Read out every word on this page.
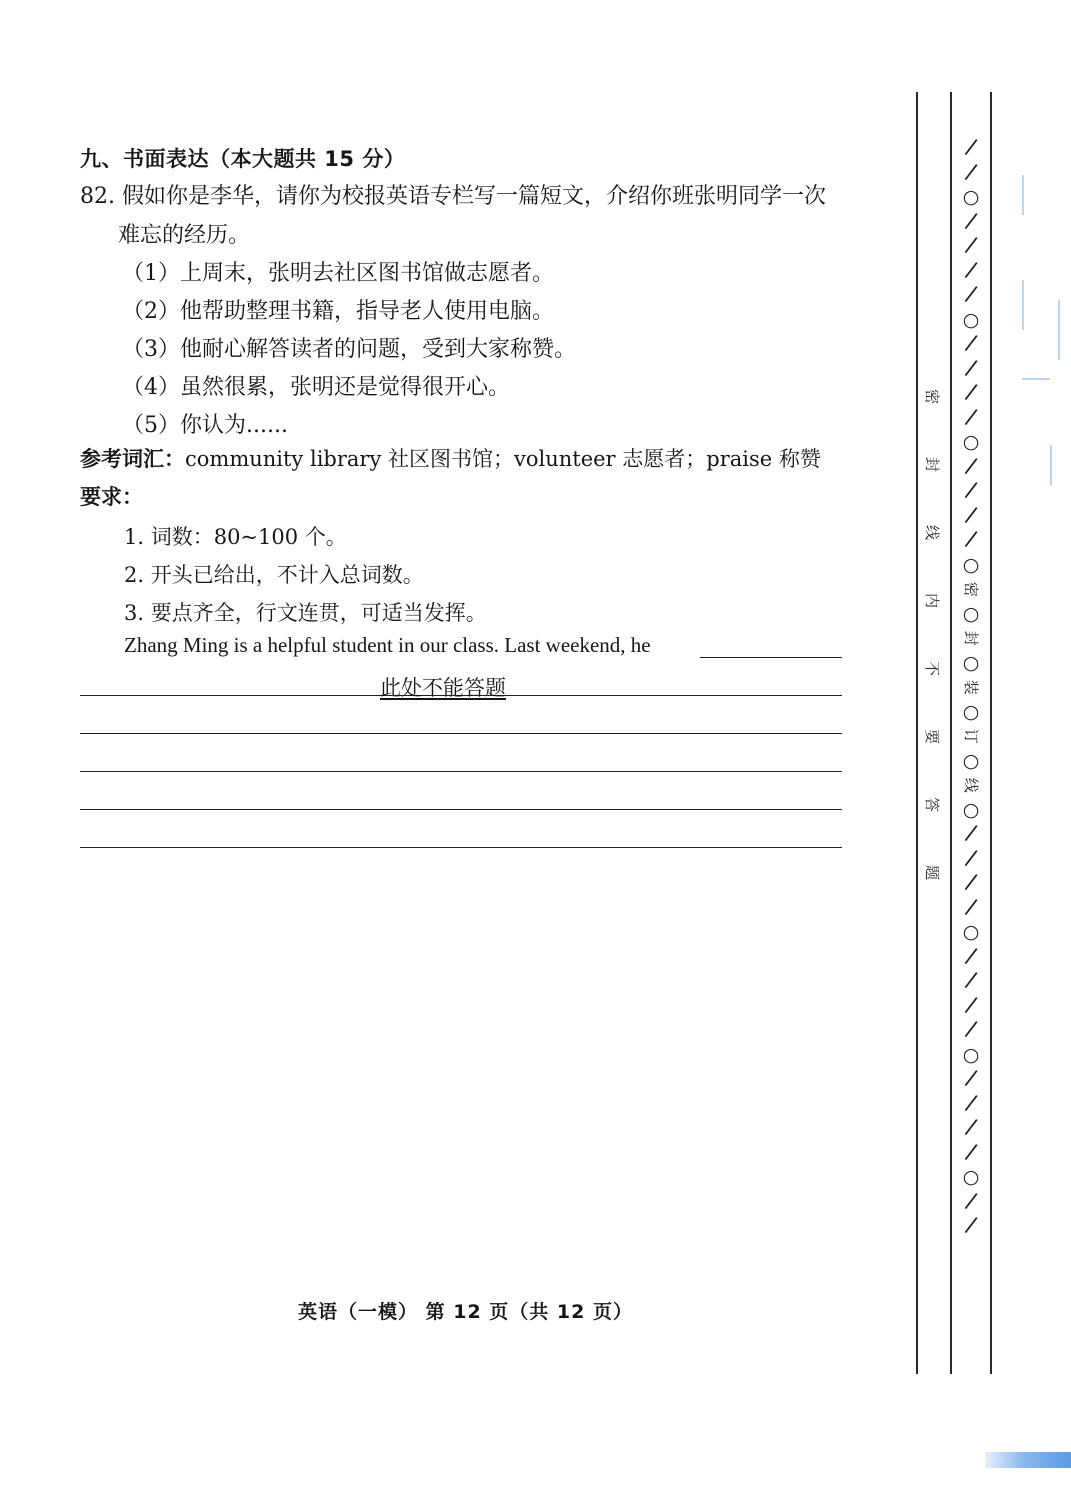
九、书面表达（本大题共 15 分）
82. 假如你是李华，请你为校报英语专栏写一篇短文，介绍你班张明同学一次
难忘的经历。
（1）上周末，张明去社区图书馆做志愿者。
（2）他帮助整理书籍，指导老人使用电脑。
（3）他耐心解答读者的问题，受到大家称赞。
（4）虽然很累，张明还是觉得很开心。
（5）你认为......
参考词汇：community library 社区图书馆；volunteer 志愿者；praise 称赞
要求：
1. 词数：80~100 个。
2. 开头已给出，不计入总词数。
3. 要点齐全，行文连贯，可适当发挥。
Zhang Ming is a helpful student in our class. Last weekend, he
此处不能答题
英语（一模） 第 12 页（共 12 页）
密
封
线
内
不
要
答
题
/
/
○
/
/
/
/
○
/
/
/
/
○
/
/
/
/
○
密
○
封
○
装
○
订
○
线
○
/
/
/
/
○
/
/
/
/
○
/
/
/
/
○
/
/
